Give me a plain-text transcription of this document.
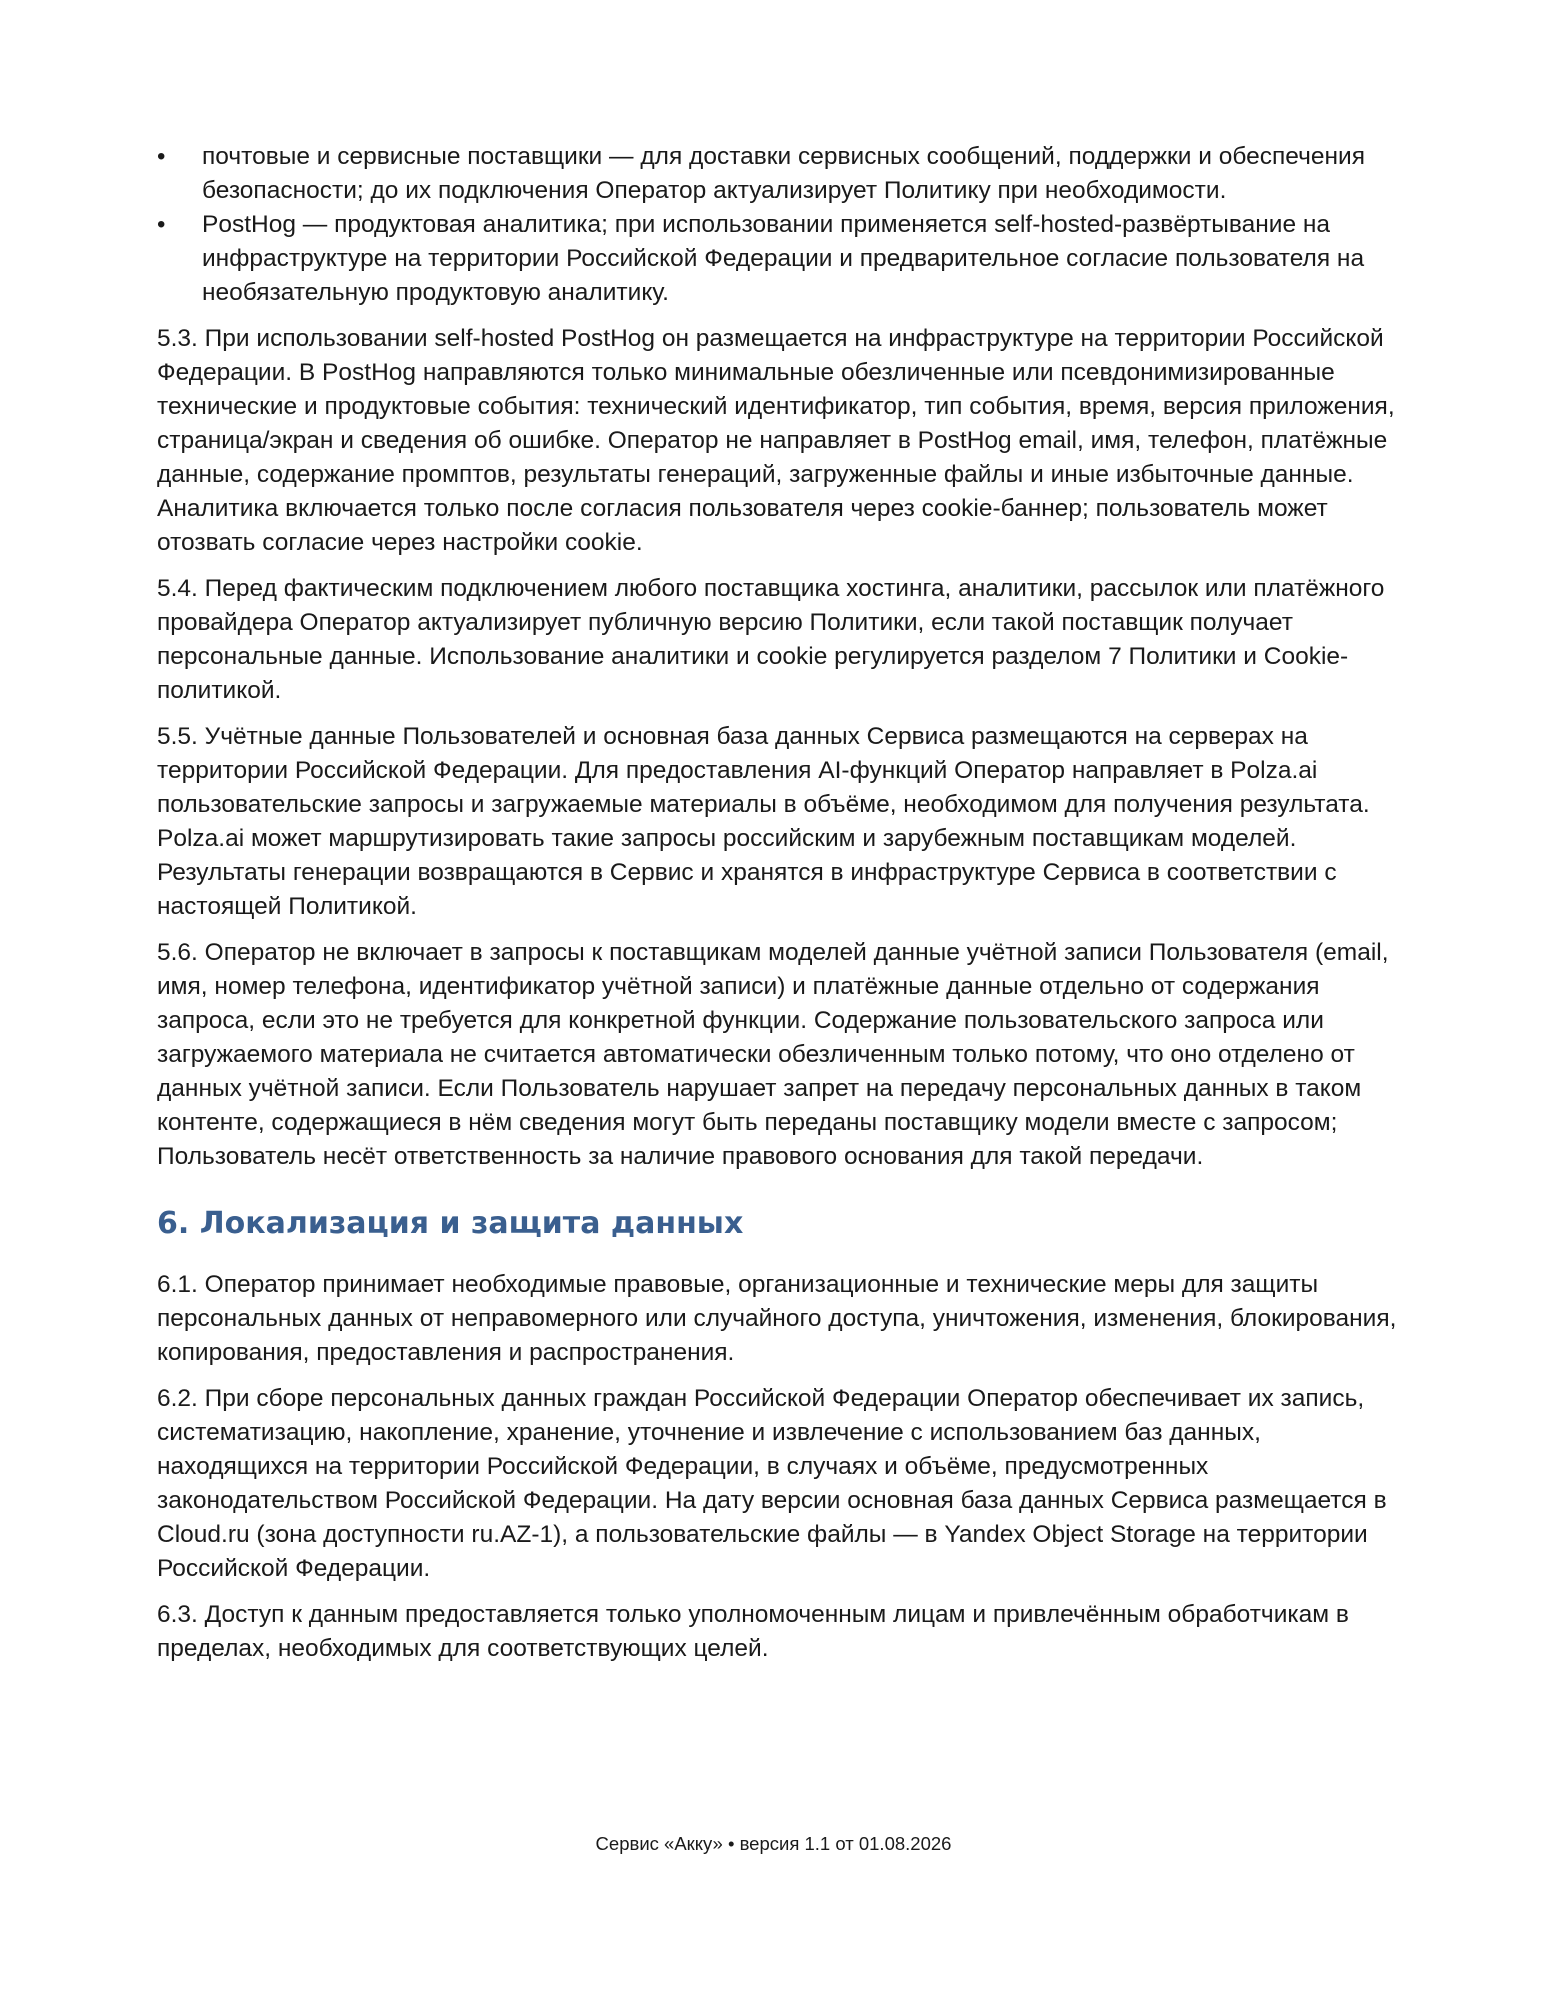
• почтовые и сервисные поставщики — для доставки сервисных сообщений, поддержки и обеспечения безопасности; до их подключения Оператор актуализирует Политику при необходимости.
• PostHog — продуктовая аналитика; при использовании применяется self-hosted-развёртывание на инфраструктуре на территории Российской Федерации и предварительное согласие пользователя на необязательную продуктовую аналитику.

5.3. При использовании self-hosted PostHog он размещается на инфраструктуре на территории Российской Федерации. В PostHog направляются только минимальные обезличенные или псевдонимизированные технические и продуктовые события: технический идентификатор, тип события, время, версия приложения, страница/экран и сведения об ошибке. Оператор не направляет в PostHog email, имя, телефон, платёжные данные, содержание промптов, результаты генераций, загруженные файлы и иные избыточные данные. Аналитика включается только после согласия пользователя через cookie-баннер; пользователь может отозвать согласие через настройки cookie.

5.4. Перед фактическим подключением любого поставщика хостинга, аналитики, рассылок или платёжного провайдера Оператор актуализирует публичную версию Политики, если такой поставщик получает персональные данные. Использование аналитики и cookie регулируется разделом 7 Политики и Cookie-политикой.

5.5. Учётные данные Пользователей и основная база данных Сервиса размещаются на серверах на территории Российской Федерации. Для предоставления AI-функций Оператор направляет в Polza.ai пользовательские запросы и загружаемые материалы в объёме, необходимом для получения результата. Polza.ai может маршрутизировать такие запросы российским и зарубежным поставщикам моделей. Результаты генерации возвращаются в Сервис и хранятся в инфраструктуре Сервиса в соответствии с настоящей Политикой.

5.6. Оператор не включает в запросы к поставщикам моделей данные учётной записи Пользователя (email, имя, номер телефона, идентификатор учётной записи) и платёжные данные отдельно от содержания запроса, если это не требуется для конкретной функции. Содержание пользовательского запроса или загружаемого материала не считается автоматически обезличенным только потому, что оно отделено от данных учётной записи. Если Пользователь нарушает запрет на передачу персональных данных в таком контенте, содержащиеся в нём сведения могут быть переданы поставщику модели вместе с запросом; Пользователь несёт ответственность за наличие правового основания для такой передачи.

6. Локализация и защита данных

6.1. Оператор принимает необходимые правовые, организационные и технические меры для защиты персональных данных от неправомерного или случайного доступа, уничтожения, изменения, блокирования, копирования, предоставления и распространения.

6.2. При сборе персональных данных граждан Российской Федерации Оператор обеспечивает их запись, систематизацию, накопление, хранение, уточнение и извлечение с использованием баз данных, находящихся на территории Российской Федерации, в случаях и объёме, предусмотренных законодательством Российской Федерации. На дату версии основная база данных Сервиса размещается в Cloud.ru (зона доступности ru.AZ-1), а пользовательские файлы — в Yandex Object Storage на территории Российской Федерации.

6.3. Доступ к данным предоставляется только уполномоченным лицам и привлечённым обработчикам в пределах, необходимых для соответствующих целей.

Сервис «Акку» • версия 1.1 от 01.08.2026
